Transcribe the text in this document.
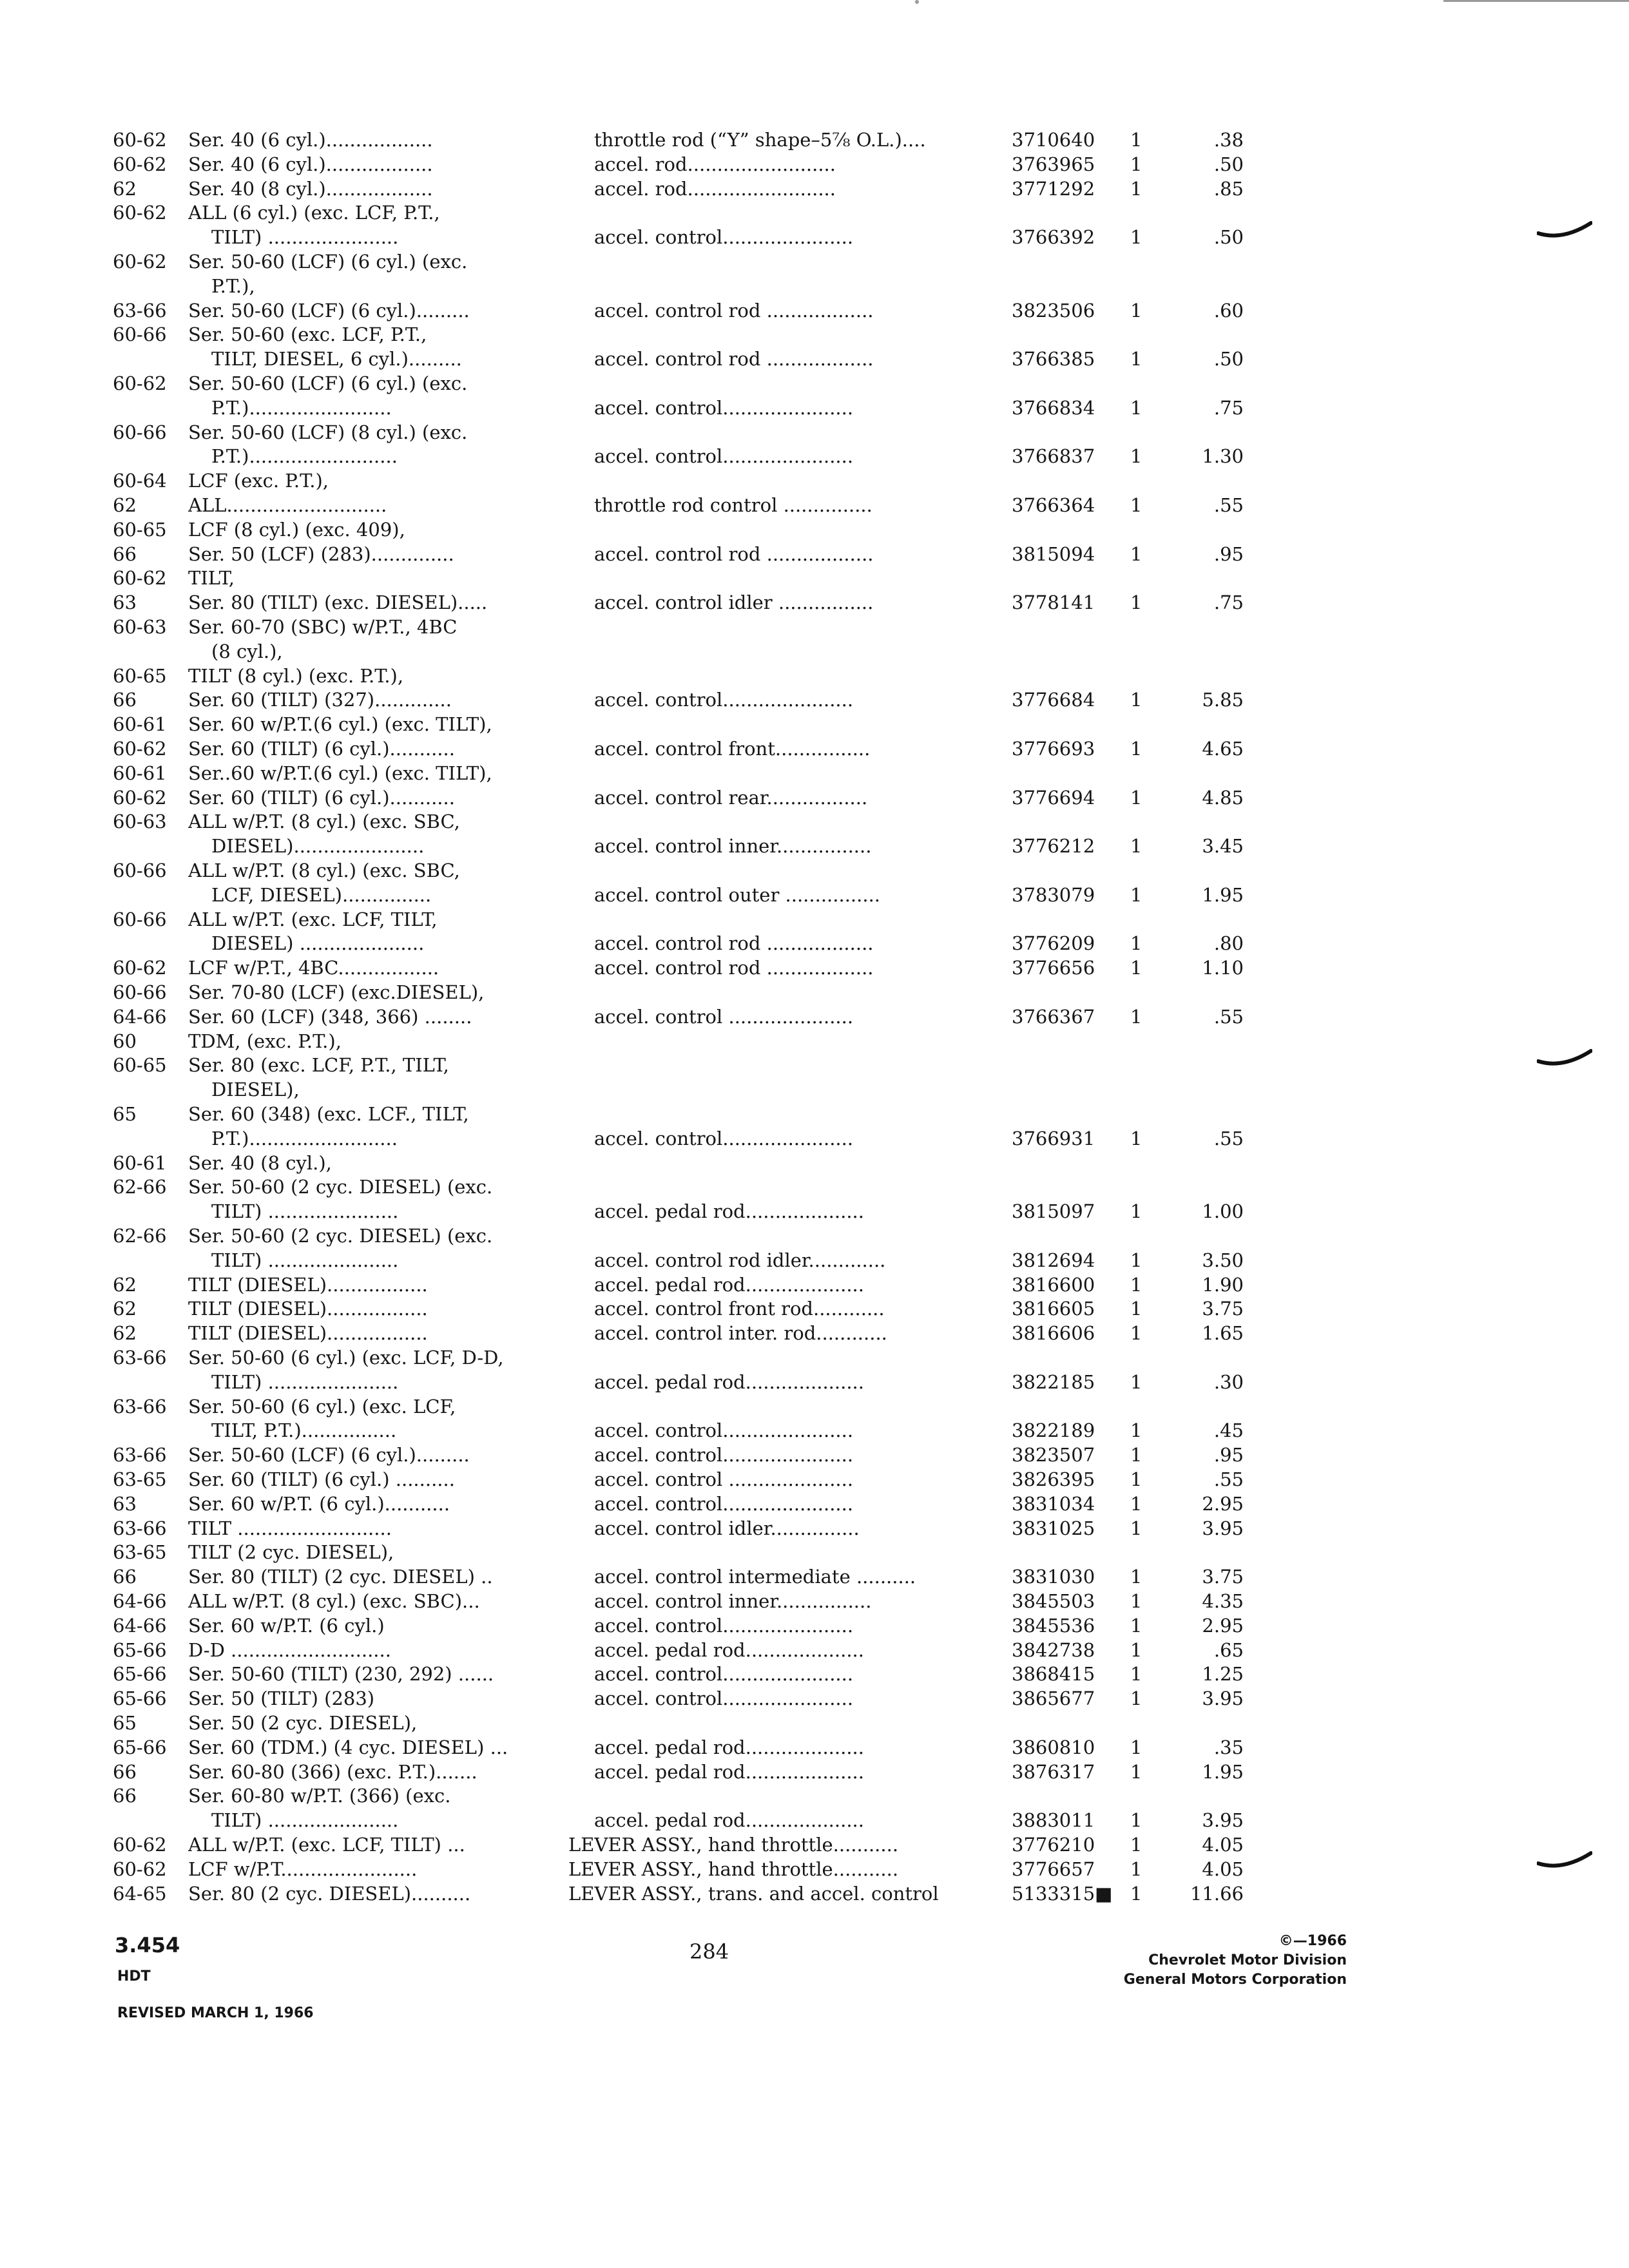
60-62	Ser. 40 (6 cyl.)..................	throttle rod (“Y” shape–5⅞ O.L.)....	3710640	1	.38
60-62	Ser. 40 (6 cyl.)..................	accel. rod.........................	3763965	1	.50
62	Ser. 40 (8 cyl.)..................	accel. rod.........................	3771292	1	.85
60-62	ALL (6 cyl.) (exc. LCF, P.T.,
TILT) ......................	accel. control......................	3766392	1	.50
60-62	Ser. 50-60 (LCF) (6 cyl.) (exc.
P.T.),
63-66	Ser. 50-60 (LCF) (6 cyl.).........	accel. control rod ..................	3823506	1	.60
60-66	Ser. 50-60 (exc. LCF, P.T.,
TILT, DIESEL, 6 cyl.).........	accel. control rod ..................	3766385	1	.50
60-62	Ser. 50-60 (LCF) (6 cyl.) (exc.
P.T.)........................	accel. control......................	3766834	1	.75
60-66	Ser. 50-60 (LCF) (8 cyl.) (exc.
P.T.).........................	accel. control......................	3766837	1	1.30
60-64	LCF (exc. P.T.),
62	ALL...........................	throttle rod control ...............	3766364	1	.55
60-65	LCF (8 cyl.) (exc. 409),
66	Ser. 50 (LCF) (283)..............	accel. control rod ..................	3815094	1	.95
60-62	TILT,
63	Ser. 80 (TILT) (exc. DIESEL).....	accel. control idler ................	3778141	1	.75
60-63	Ser. 60-70 (SBC) w/P.T., 4BC
(8 cyl.),
60-65	TILT (8 cyl.) (exc. P.T.),
66	Ser. 60 (TILT) (327).............	accel. control......................	3776684	1	5.85
60-61	Ser. 60 w/P.T.(6 cyl.) (exc. TILT),
60-62	Ser. 60 (TILT) (6 cyl.)...........	accel. control front................	3776693	1	4.65
60-61	Ser..60 w/P.T.(6 cyl.) (exc. TILT),
60-62	Ser. 60 (TILT) (6 cyl.)...........	accel. control rear.................	3776694	1	4.85
60-63	ALL w/P.T. (8 cyl.) (exc. SBC,
DIESEL)......................	accel. control inner................	3776212	1	3.45
60-66	ALL w/P.T. (8 cyl.) (exc. SBC,
LCF, DIESEL)...............	accel. control outer ................	3783079	1	1.95
60-66	ALL w/P.T. (exc. LCF, TILT,
DIESEL) .....................	accel. control rod ..................	3776209	1	.80
60-62	LCF w/P.T., 4BC.................	accel. control rod ..................	3776656	1	1.10
60-66	Ser. 70-80 (LCF) (exc.DIESEL),
64-66	Ser. 60 (LCF) (348, 366) ........	accel. control .....................	3766367	1	.55
60	TDM, (exc. P.T.),
60-65	Ser. 80 (exc. LCF, P.T., TILT,
DIESEL),
65	Ser. 60 (348) (exc. LCF., TILT,
P.T.).........................	accel. control......................	3766931	1	.55
60-61	Ser. 40 (8 cyl.),
62-66	Ser. 50-60 (2 cyc. DIESEL) (exc.
TILT) ......................	accel. pedal rod....................	3815097	1	1.00
62-66	Ser. 50-60 (2 cyc. DIESEL) (exc.
TILT) ......................	accel. control rod idler.............	3812694	1	3.50
62	TILT (DIESEL).................	accel. pedal rod....................	3816600	1	1.90
62	TILT (DIESEL).................	accel. control front rod............	3816605	1	3.75
62	TILT (DIESEL).................	accel. control inter. rod............	3816606	1	1.65
63-66	Ser. 50-60 (6 cyl.) (exc. LCF, D-D,
TILT) ......................	accel. pedal rod....................	3822185	1	.30
63-66	Ser. 50-60 (6 cyl.) (exc. LCF,
TILT, P.T.)................	accel. control......................	3822189	1	.45
63-66	Ser. 50-60 (LCF) (6 cyl.).........	accel. control......................	3823507	1	.95
63-65	Ser. 60 (TILT) (6 cyl.) ..........	accel. control .....................	3826395	1	.55
63	Ser. 60 w/P.T. (6 cyl.)...........	accel. control......................	3831034	1	2.95
63-66	TILT ..........................	accel. control idler...............	3831025	1	3.95
63-65	TILT (2 cyc. DIESEL),
66	Ser. 80 (TILT) (2 cyc. DIESEL) ..	accel. control intermediate ..........	3831030	1	3.75
64-66	ALL w/P.T. (8 cyl.) (exc. SBC)...	accel. control inner................	3845503	1	4.35
64-66	Ser. 60 w/P.T. (6 cyl.)	accel. control......................	3845536	1	2.95
65-66	D-D ...........................	accel. pedal rod....................	3842738	1	.65
65-66	Ser. 50-60 (TILT) (230, 292) ......	accel. control......................	3868415	1	1.25
65-66	Ser. 50 (TILT) (283)	accel. control......................	3865677	1	3.95
65	Ser. 50 (2 cyc. DIESEL),
65-66	Ser. 60 (TDM.) (4 cyc. DIESEL) ...	accel. pedal rod....................	3860810	1	.35
66	Ser. 60-80 (366) (exc. P.T.).......	accel. pedal rod....................	3876317	1	1.95
66	Ser. 60-80 w/P.T. (366) (exc.
TILT) ......................	accel. pedal rod....................	3883011	1	3.95
60-62	ALL w/P.T. (exc. LCF, TILT) ...	LEVER ASSY., hand throttle...........	3776210	1	4.05
60-62	LCF w/P.T.......................	LEVER ASSY., hand throttle...........	3776657	1	4.05
64-65	Ser. 80 (2 cyc. DIESEL)..........	LEVER ASSY., trans. and accel. control	5133315■ 1	11.66
3.454	284
HDT
REVISED MARCH 1, 1966
©—1966
Chevrolet Motor Division
General Motors Corporation
